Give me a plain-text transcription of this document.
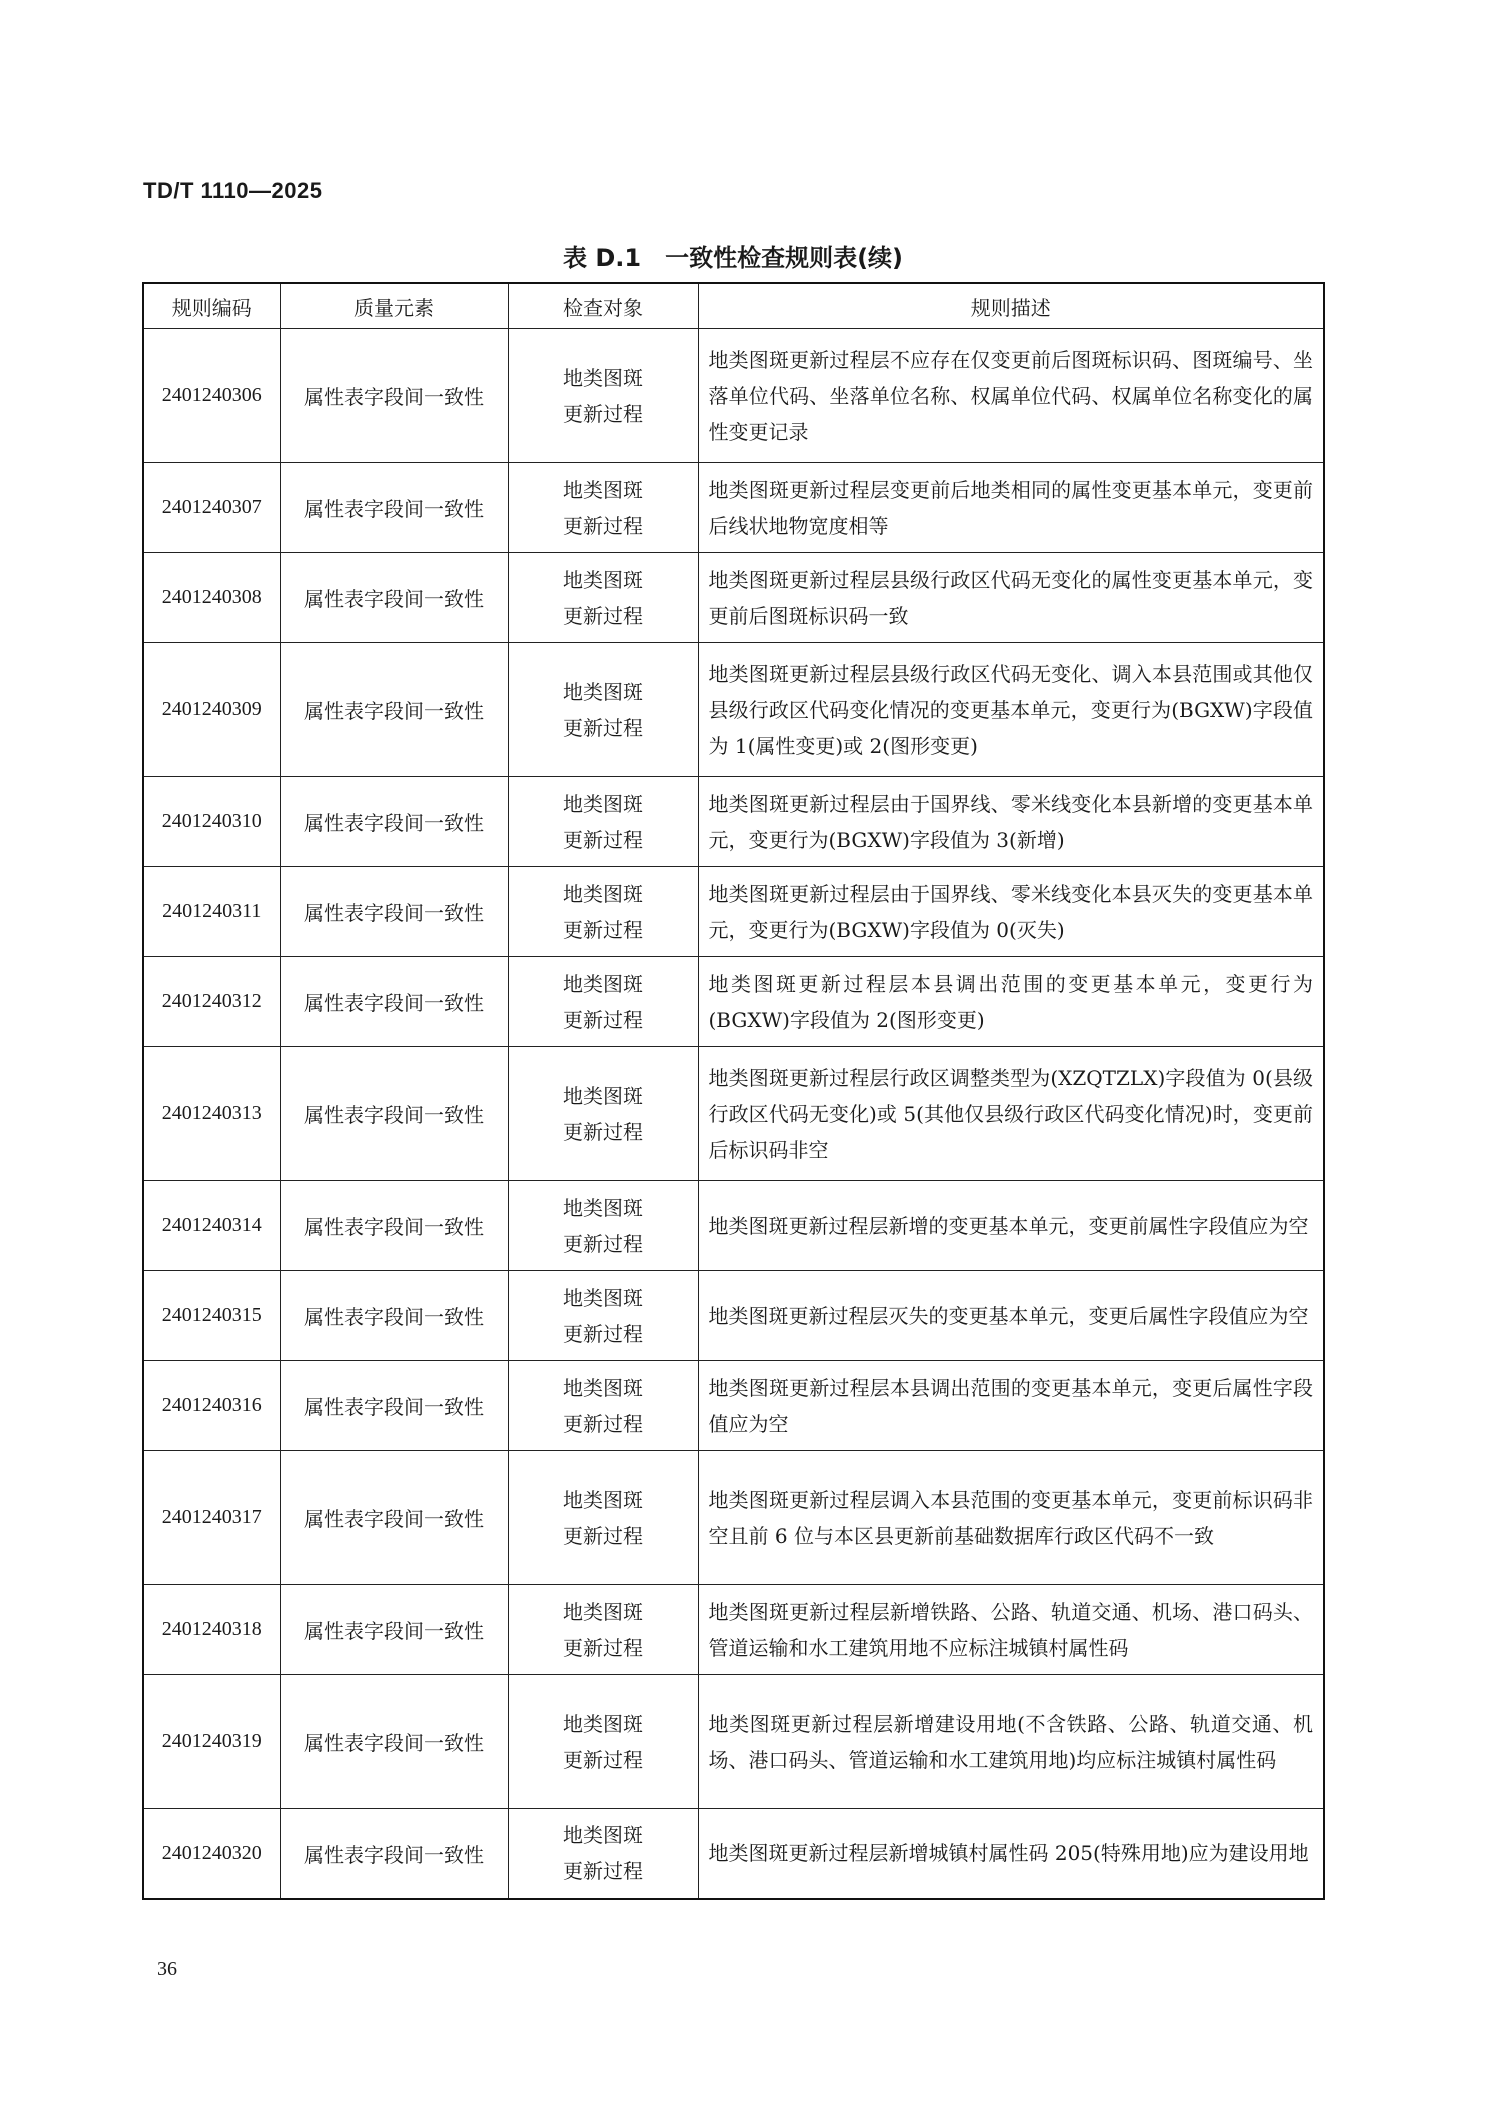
TD/T 1110—2025
表 D.1　一致性检查规则表(续)
规则编码	质量元素	检查对象	规则描述
2401240306	属性表字段间一致性	地类图斑
更新过程	地类图斑更新过程层不应存在仅变更前后图斑标识码、图斑编号、坐落单位代码、坐落单位名称、权属单位代码、权属单位名称变化的属性变更记录
2401240307	属性表字段间一致性	地类图斑
更新过程	地类图斑更新过程层变更前后地类相同的属性变更基本单元，变更前后线状地物宽度相等
2401240308	属性表字段间一致性	地类图斑
更新过程	地类图斑更新过程层县级行政区代码无变化的属性变更基本单元，变更前后图斑标识码一致
2401240309	属性表字段间一致性	地类图斑
更新过程	地类图斑更新过程层县级行政区代码无变化、调入本县范围或其他仅县级行政区代码变化情况的变更基本单元，变更行为(BGXW)字段值为 1(属性变更)或 2(图形变更)
2401240310	属性表字段间一致性	地类图斑
更新过程	地类图斑更新过程层由于国界线、零米线变化本县新增的变更基本单元，变更行为(BGXW)字段值为 3(新增)
2401240311	属性表字段间一致性	地类图斑
更新过程	地类图斑更新过程层由于国界线、零米线变化本县灭失的变更基本单元，变更行为(BGXW)字段值为 0(灭失)
2401240312	属性表字段间一致性	地类图斑
更新过程	地类图斑更新过程层本县调出范围的变更基本单元，变更行为(BGXW)字段值为 2(图形变更)
2401240313	属性表字段间一致性	地类图斑
更新过程	地类图斑更新过程层行政区调整类型为(XZQTZLX)字段值为 0(县级行政区代码无变化)或 5(其他仅县级行政区代码变化情况)时，变更前后标识码非空
2401240314	属性表字段间一致性	地类图斑
更新过程	地类图斑更新过程层新增的变更基本单元，变更前属性字段值应为空
2401240315	属性表字段间一致性	地类图斑
更新过程	地类图斑更新过程层灭失的变更基本单元，变更后属性字段值应为空
2401240316	属性表字段间一致性	地类图斑
更新过程	地类图斑更新过程层本县调出范围的变更基本单元，变更后属性字段值应为空
2401240317	属性表字段间一致性	地类图斑
更新过程	地类图斑更新过程层调入本县范围的变更基本单元，变更前标识码非空且前 6 位与本区县更新前基础数据库行政区代码不一致
2401240318	属性表字段间一致性	地类图斑
更新过程	地类图斑更新过程层新增铁路、公路、轨道交通、机场、港口码头、管道运输和水工建筑用地不应标注城镇村属性码
2401240319	属性表字段间一致性	地类图斑
更新过程	地类图斑更新过程层新增建设用地(不含铁路、公路、轨道交通、机场、港口码头、管道运输和水工建筑用地)均应标注城镇村属性码
2401240320	属性表字段间一致性	地类图斑
更新过程	地类图斑更新过程层新增城镇村属性码 205(特殊用地)应为建设用地
36
